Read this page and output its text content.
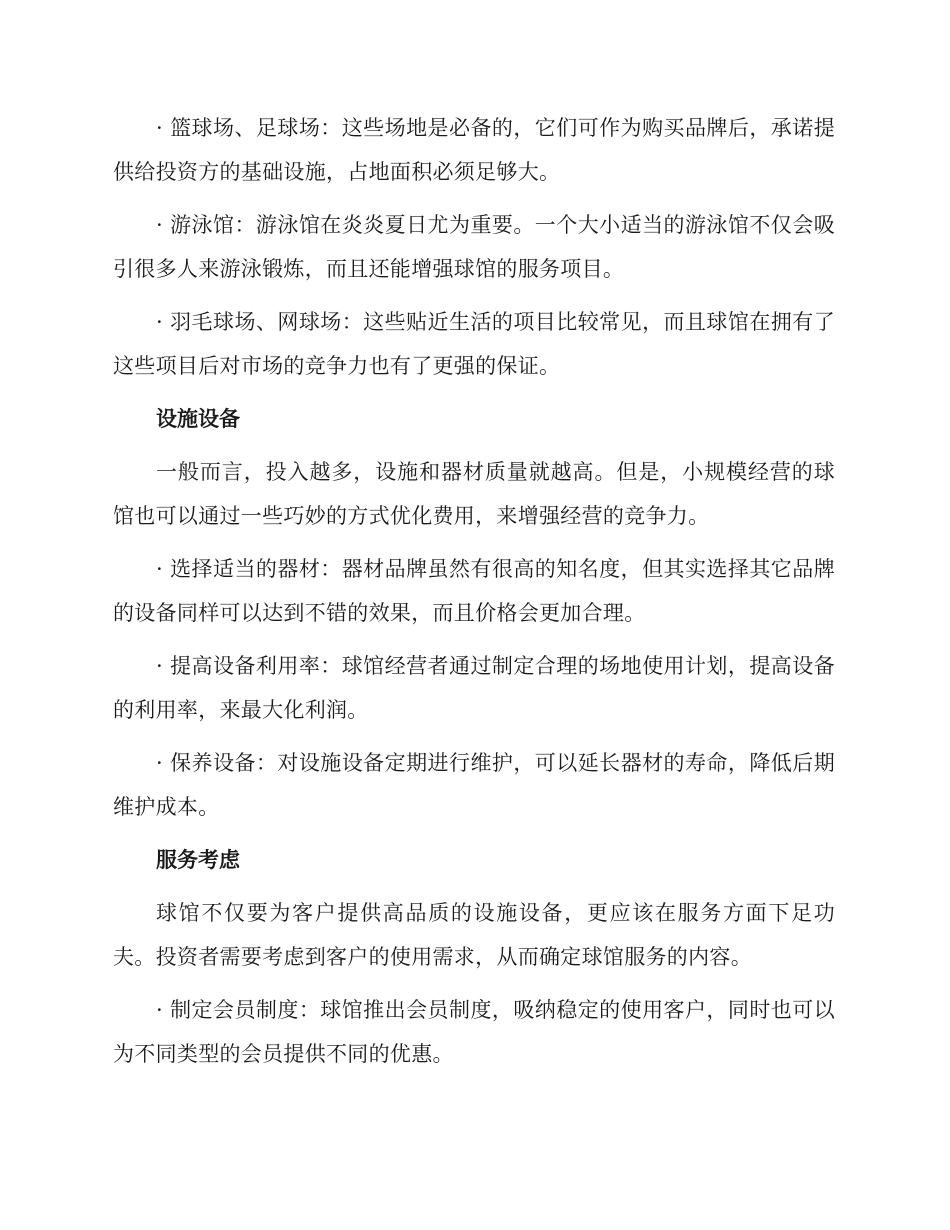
· 篮球场、足球场：这些场地是必备的，它们可作为购买品牌后，承诺提供给投资方的基础设施，占地面积必须足够大。

· 游泳馆：游泳馆在炎炎夏日尤为重要。一个大小适当的游泳馆不仅会吸引很多人来游泳锻炼，而且还能增强球馆的服务项目。

· 羽毛球场、网球场：这些贴近生活的项目比较常见，而且球馆在拥有了这些项目后对市场的竞争力也有了更强的保证。

设施设备

一般而言，投入越多，设施和器材质量就越高。但是，小规模经营的球馆也可以通过一些巧妙的方式优化费用，来增强经营的竞争力。

· 选择适当的器材：器材品牌虽然有很高的知名度，但其实选择其它品牌的设备同样可以达到不错的效果，而且价格会更加合理。

· 提高设备利用率：球馆经营者通过制定合理的场地使用计划，提高设备的利用率，来最大化利润。

· 保养设备：对设施设备定期进行维护，可以延长器材的寿命，降低后期维护成本。

服务考虑

球馆不仅要为客户提供高品质的设施设备，更应该在服务方面下足功夫。投资者需要考虑到客户的使用需求，从而确定球馆服务的内容。

· 制定会员制度：球馆推出会员制度，吸纳稳定的使用客户，同时也可以为不同类型的会员提供不同的优惠。
